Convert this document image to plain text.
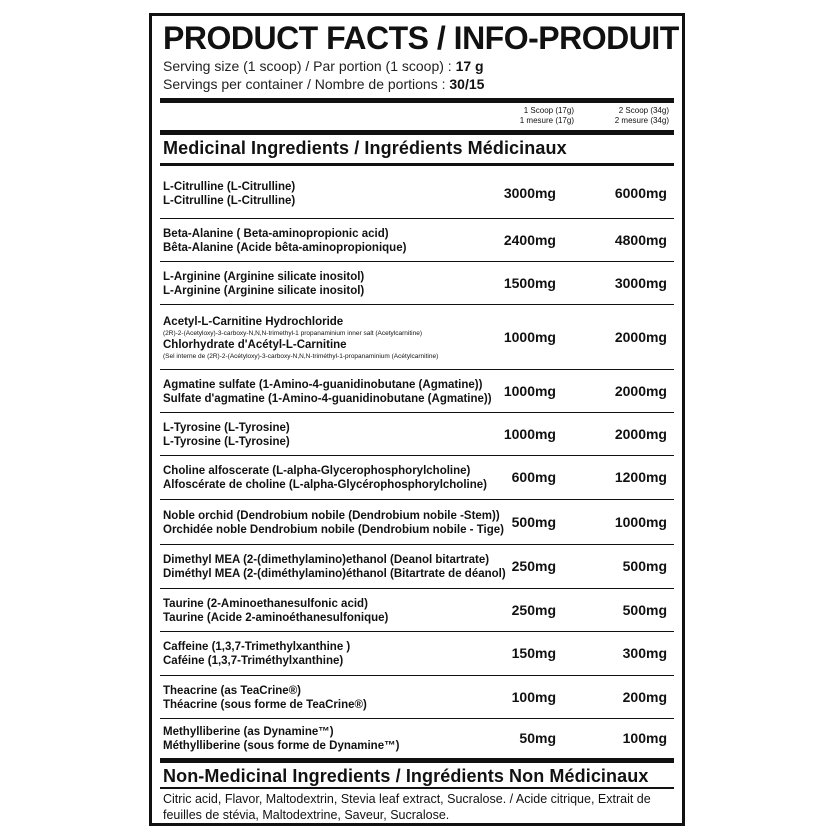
PRODUCT FACTS / INFO-PRODUIT
Serving size (1 scoop) / Par portion (1 scoop) : 17 g
Servings per container / Nombre de portions : 30/15
1 Scoop (17g)
1 mesure (17g)
2 Scoop (34g)
2 mesure (34g)
Medicinal Ingredients / Ingrédients Médicinaux
L-Citrulline (L-Citrulline)
L-Citrulline (L-Citrulline)	3000mg	6000mg
Beta-Alanine ( Beta-aminopropionic acid)
Bêta-Alanine (Acide bêta-aminopropionique)	2400mg	4800mg
L-Arginine (Arginine silicate inositol)
L-Arginine (Arginine silicate inositol)	1500mg	3000mg
Acetyl-L-Carnitine Hydrochloride
(2R)-2-(Acetyloxy)-3-carboxy-N,N,N-trimethyl-1 propanaminium inner salt (Acetylcarnitine)
Chlorhydrate d'Acétyl-L-Carnitine
(Sel interne de (2R)-2-(Acétyloxy)-3-carboxy-N,N,N-triméthyl-1-propanaminium (Acétylcarnitine)
1000mg	2000mg
Agmatine sulfate (1-Amino-4-guanidinobutane (Agmatine))
Sulfate d'agmatine (1-Amino-4-guanidinobutane (Agmatine)) 1000mg	2000mg
L-Tyrosine (L-Tyrosine)
L-Tyrosine (L-Tyrosine)	1000mg	2000mg
Choline alfoscerate (L-alpha-Glycerophosphorylcholine)
Alfoscérate de choline (L-alpha-Glycérophosphorylcholine)	600mg	1200mg
Noble orchid (Dendrobium nobile (Dendrobium nobile -Stem))
Orchidée noble Dendrobium nobile (Dendrobium nobile - Tige) 500mg	1000mg
Dimethyl MEA (2-(dimethylamino)ethanol (Deanol bitartrate)
Diméthyl MEA (2-(diméthylamino)éthanol (Bitartrate de déanol) 250mg	500mg
Taurine (2-Aminoethanesulfonic acid)
Taurine (Acide 2-aminoéthanesulfonique)	250mg	500mg
Caffeine (1,3,7-Trimethylxanthine )
Caféine (1,3,7-Triméthylxanthine)	150mg	300mg
Theacrine (as TeaCrine®)
Théacrine (sous forme de TeaCrine®)	100mg	200mg
Methylliberine (as Dynamine™)
Méthylliberine (sous forme de Dynamine™)	50mg	100mg
Non-Medicinal Ingredients / Ingrédients Non Médicinaux
Citric acid, Flavor, Maltodextrin, Stevia leaf extract, Sucralose. / Acide citrique, Extrait de feuilles de stévia, Maltodextrine, Saveur, Sucralose.
